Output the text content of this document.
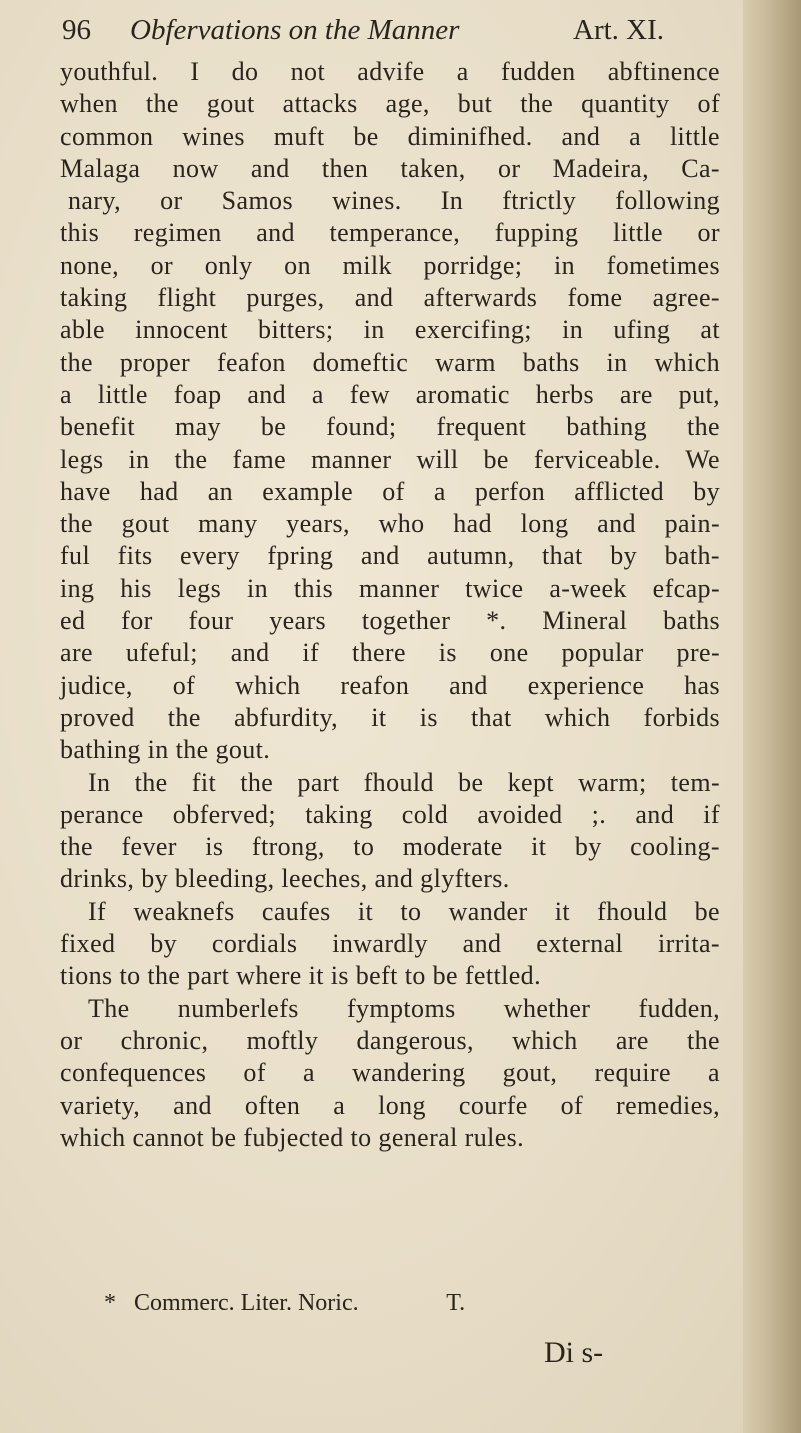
96 Obfervations on the Manner	Art. XI.
youthful. I do not advife a fudden abftinence
when the gout attacks age, but the quantity of
common wines muft be diminifhed. and a little
Malaga now and then taken, or Madeira, Ca-
nary, or Samos wines. In ftrictly following
this regimen and temperance, fupping little or
none, or only on milk porridge; in fometimes
taking flight purges, and afterwards fome agree-
able innocent bitters; in exercifing; in ufing at
the proper feafon domeftic warm baths in which
a little foap and a few aromatic herbs are put,
benefit may be found; frequent bathing the
legs in the fame manner will be ferviceable. We
have had an example of a perfon afflicted by
the gout many years, who had long and pain-
ful fits every fpring and autumn, that by bath-
ing his legs in this manner twice a-week efcap-
ed for four years together *. Mineral baths
are ufeful; and if there is one popular pre-
judice, of which reafon and experience has
proved the abfurdity, it is that which forbids
bathing in the gout.
In the fit the part fhould be kept warm; tem-
perance obferved; taking cold avoided ;. and if
the fever is ftrong, to moderate it by cooling-
drinks, by bleeding, leeches, and glyfters.
If weaknefs caufes it to wander it fhould be
fixed by cordials inwardly and external irrita-
tions to the part where it is beft to be fettled.
The numberlefs fymptoms whether fudden,
or chronic, moftly dangerous, which are the
confequences of a wandering gout, require a
variety, and often a long courfe of remedies,
which cannot be fubjected to general rules.
* Commerc. Liter. Noric.	T.
Di s-
